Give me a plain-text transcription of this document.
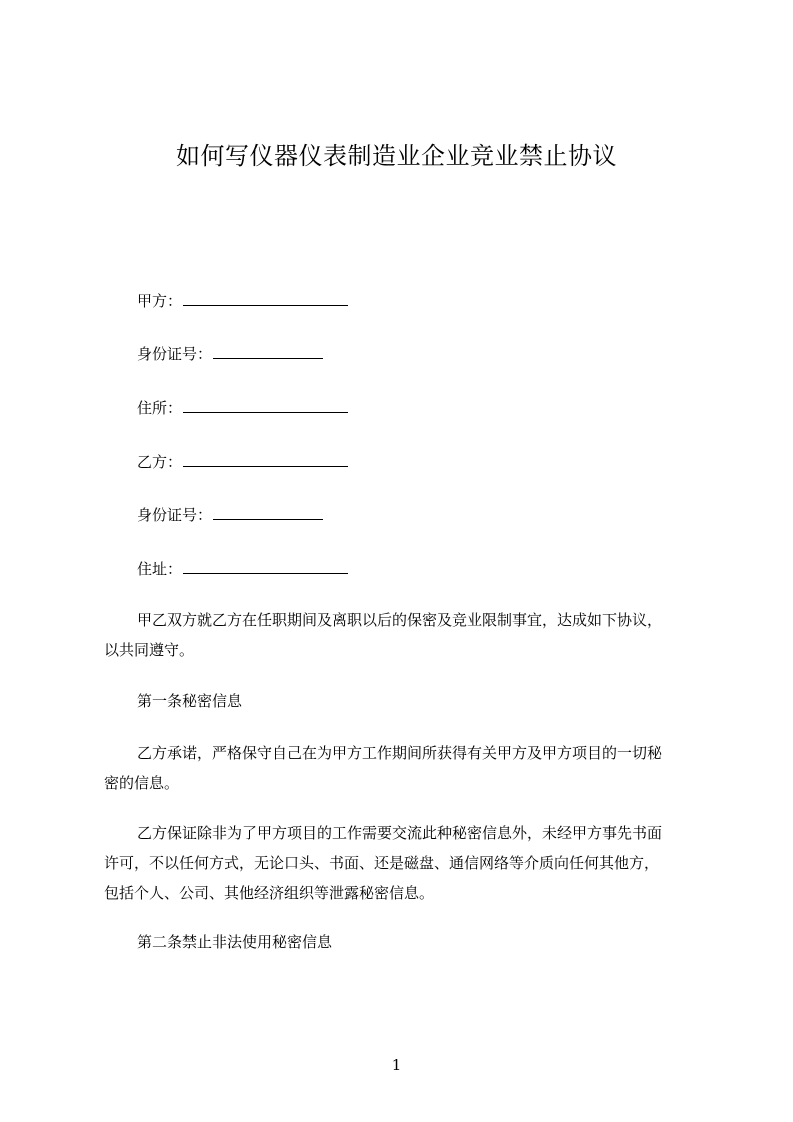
如何写仪器仪表制造业企业竞业禁止协议
甲方：
身份证号：
住所：
乙方：
身份证号：
住址：
甲乙双方就乙方在任职期间及离职以后的保密及竞业限制事宜，达成如下协议，
以共同遵守。
第一条秘密信息
乙方承诺，严格保守自己在为甲方工作期间所获得有关甲方及甲方项目的一切秘
密的信息。
乙方保证除非为了甲方项目的工作需要交流此种秘密信息外，未经甲方事先书面
许可，不以任何方式，无论口头、书面、还是磁盘、通信网络等介质向任何其他方，
包括个人、公司、其他经济组织等泄露秘密信息。
第二条禁止非法使用秘密信息
1
